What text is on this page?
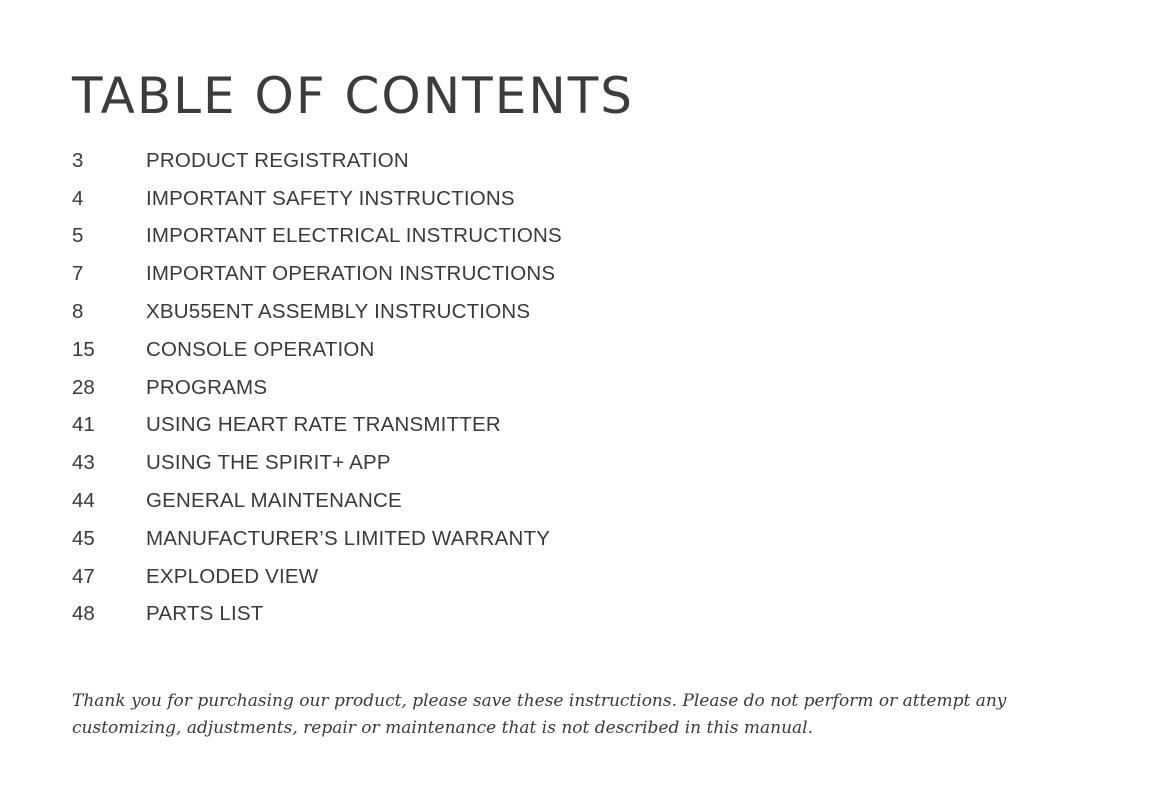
TABLE OF CONTENTS
3	PRODUCT REGISTRATION
4	IMPORTANT SAFETY INSTRUCTIONS
5	IMPORTANT ELECTRICAL INSTRUCTIONS
7	IMPORTANT OPERATION INSTRUCTIONS
8	XBU55ENT ASSEMBLY INSTRUCTIONS
15	CONSOLE OPERATION
28	PROGRAMS
41	USING HEART RATE TRANSMITTER
43	USING THE SPIRIT+ APP
44	GENERAL MAINTENANCE
45	MANUFACTURER’S LIMITED WARRANTY
47	EXPLODED VIEW
48	PARTS LIST

Thank you for purchasing our product, please save these instructions. Please do not perform or attempt any
customizing, adjustments, repair or maintenance that is not described in this manual.
